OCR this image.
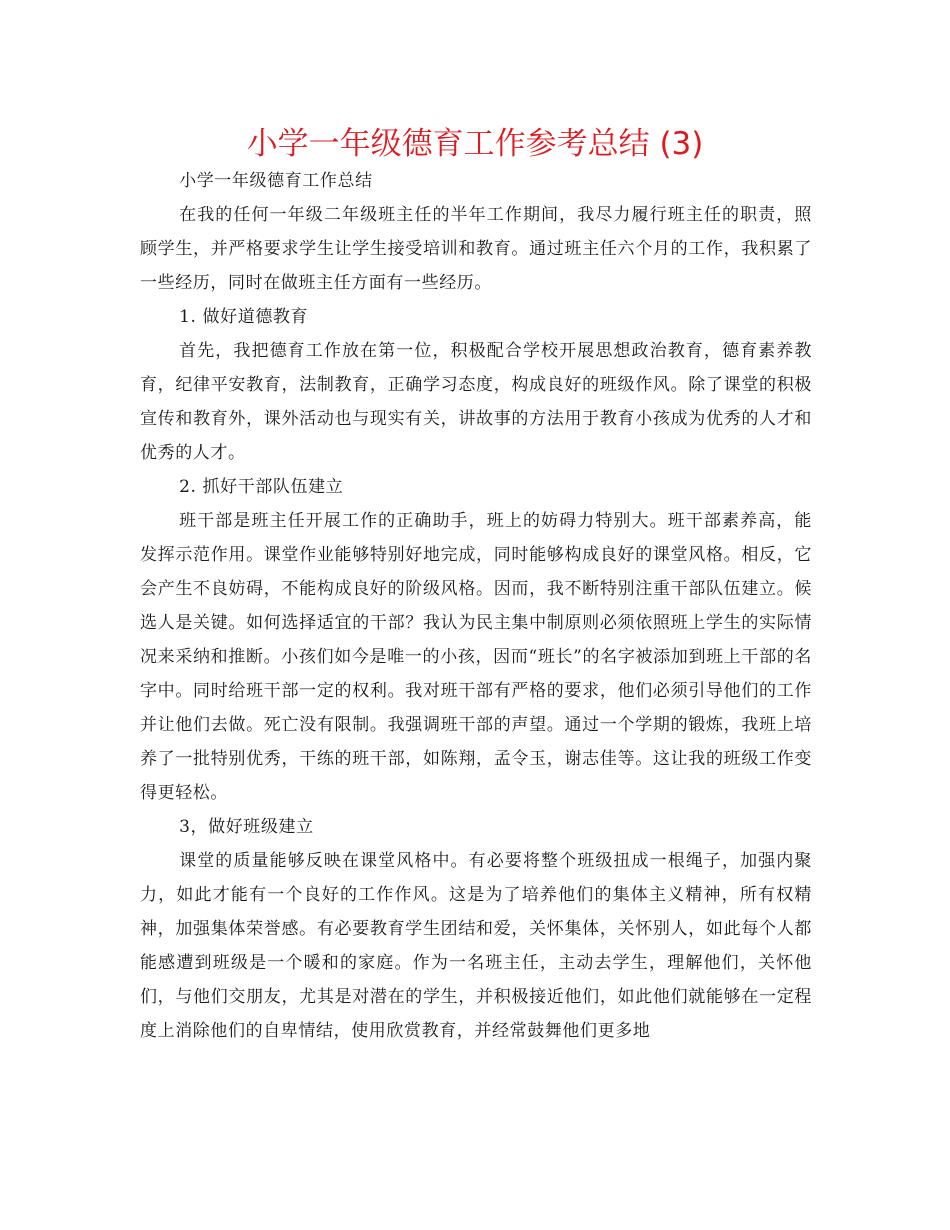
小学一年级德育工作参考总结 (3)

小学一年级德育工作总结

在我的任何一年级二年级班主任的半年工作期间，我尽力履行班主任的职责，照顾学生，并严格要求学生让学生接受培训和教育。通过班主任六个月的工作，我积累了一些经历，同时在做班主任方面有一些经历。

1. 做好道德教育

首先，我把德育工作放在第一位，积极配合学校开展思想政治教育，德育素养教育，纪律平安教育，法制教育，正确学习态度，构成良好的班级作风。除了课堂的积极宣传和教育外，课外活动也与现实有关，讲故事的方法用于教育小孩成为优秀的人才和优秀的人才。

2. 抓好干部队伍建立

班干部是班主任开展工作的正确助手，班上的妨碍力特别大。班干部素养高，能发挥示范作用。课堂作业能够特别好地完成，同时能够构成良好的课堂风格。相反，它会产生不良妨碍，不能构成良好的阶级风格。因而，我不断特别注重干部队伍建立。候选人是关键。如何选择适宜的干部？我认为民主集中制原则必须依照班上学生的实际情况来采纳和推断。小孩们如今是唯一的小孩，因而“班长”的名字被添加到班上干部的名字中。同时给班干部一定的权利。我对班干部有严格的要求，他们必须引导他们的工作并让他们去做。死亡没有限制。我强调班干部的声望。通过一个学期的锻炼，我班上培养了一批特别优秀，干练的班干部，如陈翔，孟令玉，谢志佳等。这让我的班级工作变得更轻松。

3，做好班级建立

课堂的质量能够反映在课堂风格中。有必要将整个班级扭成一根绳子，加强内聚力，如此才能有一个良好的工作作风。这是为了培养他们的集体主义精神，所有权精神，加强集体荣誉感。有必要教育学生团结和爱，关怀集体，关怀别人，如此每个人都能感遭到班级是一个暖和的家庭。作为一名班主任，主动去学生，理解他们，关怀他们，与他们交朋友，尤其是对潜在的学生，并积极接近他们，如此他们就能够在一定程度上消除他们的自卑情结，使用欣赏教育，并经常鼓舞他们更多地
